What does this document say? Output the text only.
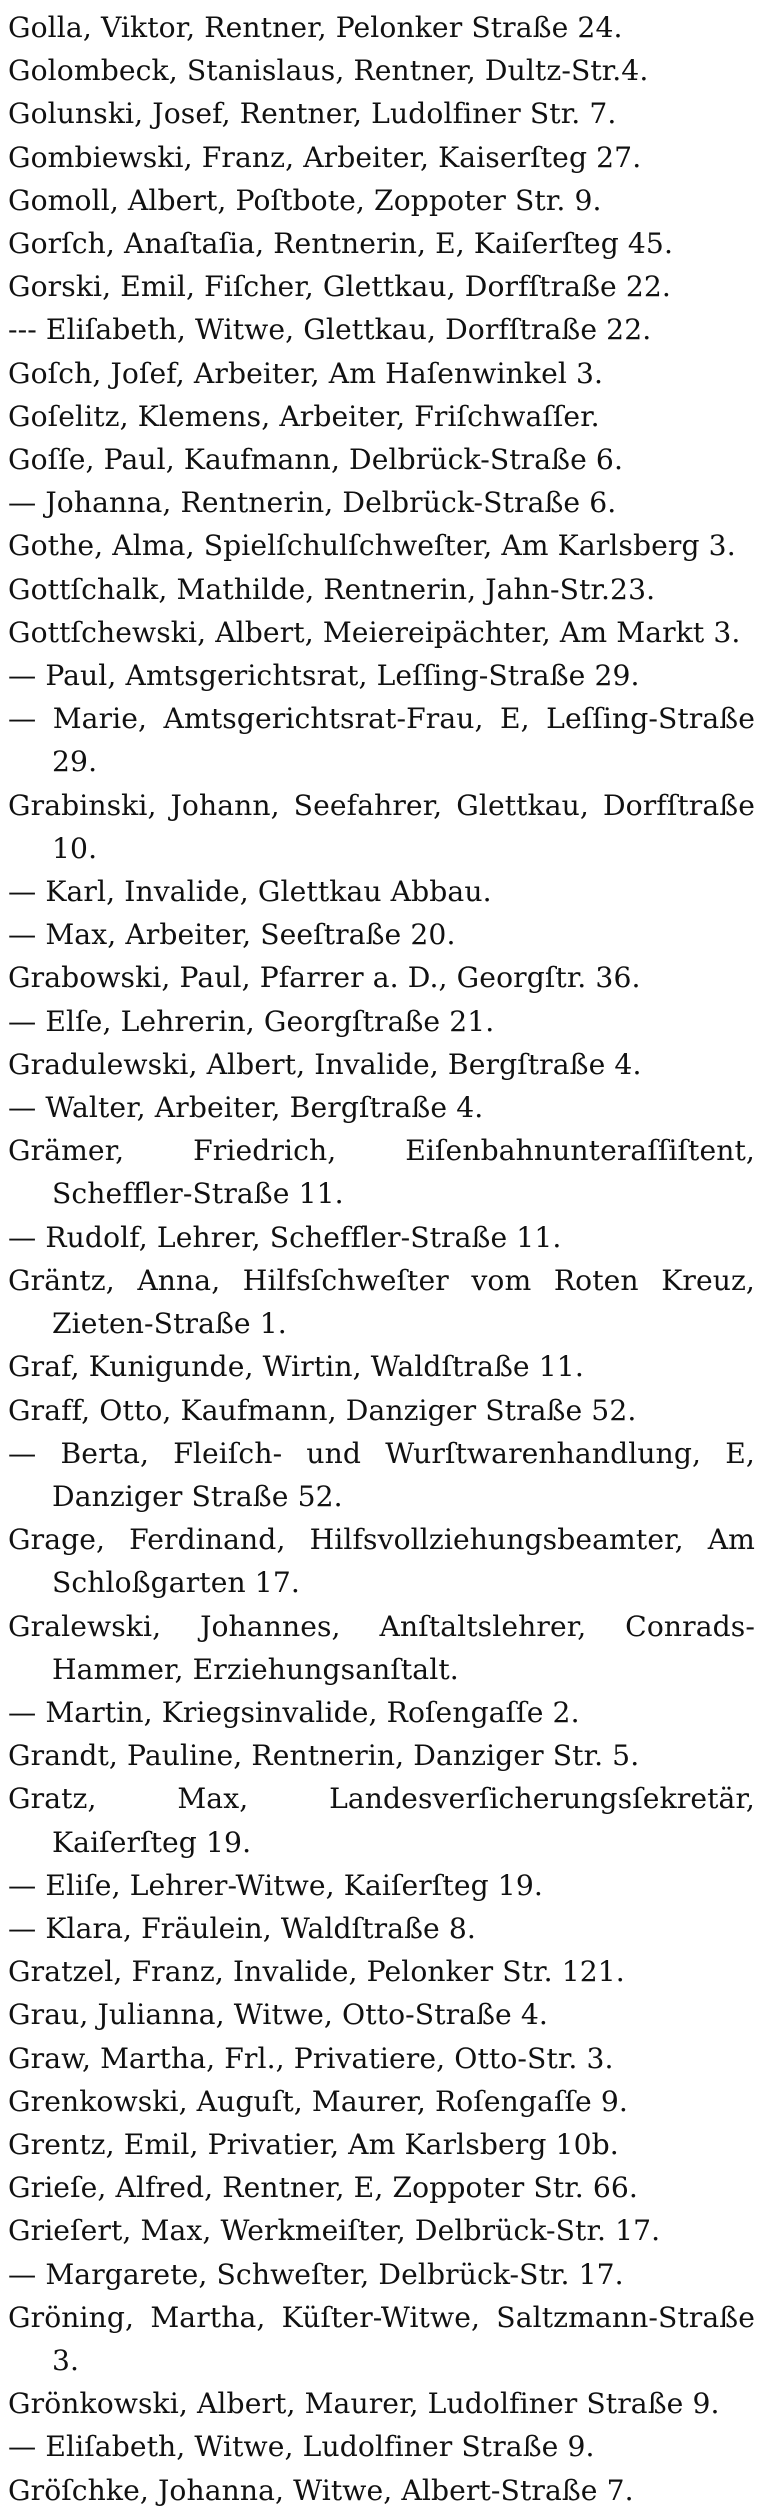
Golla, Viktor, Rentner, Pelonker Straße 24.

Golombeck, Stanislaus, Rentner, Dultz-Str.4.

Golunski, Josef, Rentner, Ludolfiner Str. 7.

Gombiewski, Franz, Arbeiter, Kaiserſteg 27.

Gomoll, Albert, Poſtbote, Zoppoter Str. 9.

Gorſch, Anaſtaſia, Rentnerin, E, Kaiſerſteg 45.

Gorski, Emil, Fiſcher, Glettkau, Dorfſtraße 22.

--- Eliſabeth, Witwe, Glettkau, Dorfſtraße 22.

Goſch, Joſef, Arbeiter, Am Haſenwinkel 3.

Goſelitz, Klemens, Arbeiter, Friſchwaſſer.

Goſſe, Paul, Kaufmann, Delbrück-Straße 6.

— Johanna, Rentnerin, Delbrück-Straße 6.

Gothe, Alma, Spielſchulſchweſter, Am Karlsberg 3.

Gottſchalk, Mathilde, Rentnerin, Jahn-Str.23.

Gottſchewski, Albert, Meiereipächter, Am Markt 3.

— Paul, Amtsgerichtsrat, Leſſing-Straße 29.

— Marie, Amtsgerichtsrat-Frau, E, Leſſing-Straße 29.

Grabinski, Johann, Seefahrer, Glettkau, Dorfſtraße 10.

— Karl, Invalide, Glettkau Abbau.

— Max, Arbeiter, Seeſtraße 20.

Grabowski, Paul, Pfarrer a. D., Georgſtr. 36.

— Elſe, Lehrerin, Georgſtraße 21.

Gradulewski, Albert, Invalide, Bergſtraße 4.

— Walter, Arbeiter, Bergſtraße 4.

Grämer, Friedrich, Eiſenbahnunteraſſiſtent, Scheffler-Straße 11.

— Rudolf, Lehrer, Scheffler-Straße 11.

Gräntz, Anna, Hilfsſchweſter vom Roten Kreuz, Zieten-Straße 1.

Graf, Kunigunde, Wirtin, Waldſtraße 11.

Graff, Otto, Kaufmann, Danziger Straße 52.

— Berta, Fleiſch- und Wurſtwarenhandlung, E, Danziger Straße 52.

Grage, Ferdinand, Hilfsvollziehungsbeamter, Am Schloßgarten 17.

Gralewski, Johannes, Anſtaltslehrer, Conrads-Hammer, Erziehungsanſtalt.

— Martin, Kriegsinvalide, Roſengaſſe 2.

Grandt, Pauline, Rentnerin, Danziger Str. 5.

Gratz, Max, Landesverſicherungsſekretär, Kaiſerſteg 19.

— Eliſe, Lehrer-Witwe, Kaiſerſteg 19.

— Klara, Fräulein, Waldſtraße 8.

Gratzel, Franz, Invalide, Pelonker Str. 121.

Grau, Julianna, Witwe, Otto-Straße 4.

Graw, Martha, Frl., Privatiere, Otto-Str. 3.

Grenkowski, Auguſt, Maurer, Roſengaſſe 9.

Grentz, Emil, Privatier, Am Karlsberg 10b.

Grieſe, Alfred, Rentner, E, Zoppoter Str. 66.

Grieſert, Max, Werkmeiſter, Delbrück-Str. 17.

— Margarete, Schweſter, Delbrück-Str. 17.

Gröning, Martha, Küſter-Witwe, Saltzmann-Straße 3.

Grönkowski, Albert, Maurer, Ludolfiner Straße 9.

— Eliſabeth, Witwe, Ludolfiner Straße 9.

Gröſchke, Johanna, Witwe, Albert-Straße 7.
